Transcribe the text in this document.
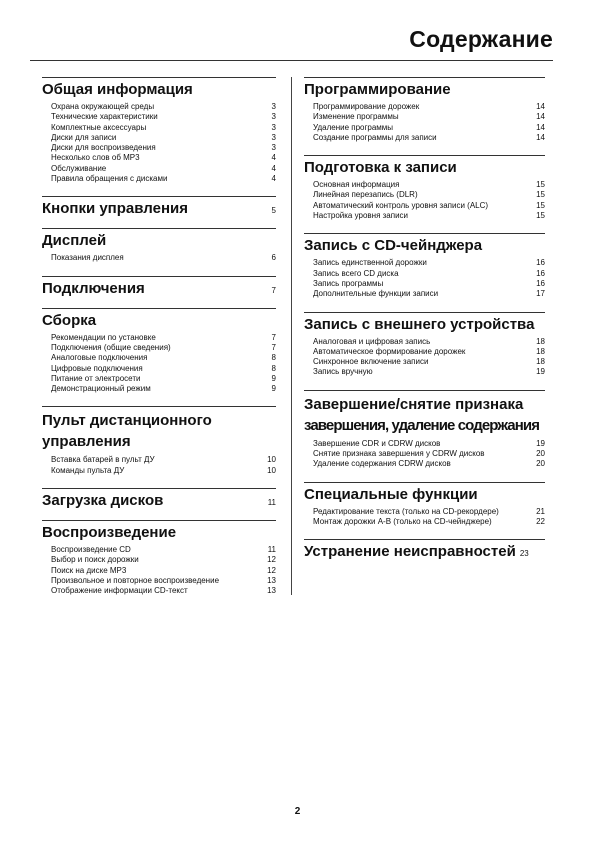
Содержание
Общая информация
Охрана окружающей среды	3
Технические характеристики	3
Комплектные аксессуары	3
Диски для записи	3
Диски для воспроизведения	3
Несколько слов об MP3	4
Обслуживание	4
Правила обращения с дисками	4
Кнопки управления	5
Дисплей
Показания дисплея	6
Подключения	7
Сборка
Рекомендации по установке	7
Подключения (общие сведения)	7
Аналоговые подключения	8
Цифровые подключения	8
Питание от электросети	9
Демонстрационный режим	9
Пульт дистанционного
управления
Вставка батарей в пульт ДУ	10
Команды пульта ДУ	10
Загрузка дисков	11
Воспроизведение
Воспроизведение CD	11
Выбор и поиск дорожки	12
Поиск на диске MP3	12
Произвольное и повторное воспроизведение	13
Отображение информации CD-текст	13
Программирование
Программирование дорожек	14
Изменение программы	14
Удаление программы	14
Создание программы для записи	14
Подготовка к записи
Основная информация	15
Линейная перезапись (DLR)	15
Автоматический контроль уровня записи (ALC)	15
Настройка уровня записи	15
Запись с CD-чейнджера
Запись единственной дорожки	16
Запись всего CD диска	16
Запись программы	16
Дополнительные функции записи	17
Запись с внешнего устройства
Аналоговая и цифровая запись	18
Автоматическое формирование дорожек	18
Синхронное включение записи	18
Запись вручную	19
Завершение/снятие признака
завершения, удаление содержания
Завершение CDR и CDRW дисков	19
Снятие признака завершения у CDRW дисков	20
Удаление содержания CDRW дисков	20
Специальные функции
Редактирование текста (только на CD-рекордере)	21
Монтаж дорожки A-B (только на CD-чейнджере)	22
Устранение неисправностей 23
2
